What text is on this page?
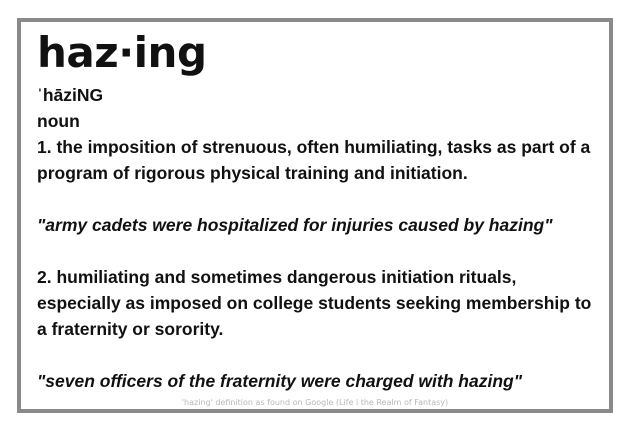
haz·ing
ˈhāziNG
noun
1. the imposition of strenuous, often humiliating, tasks as part of a program of rigorous physical training and initiation.
"army cadets were hospitalized for injuries caused by hazing"
2. humiliating and sometimes dangerous initiation rituals, especially as imposed on college students seeking membership to a fraternity or sorority.
"seven officers of the fraternity were charged with hazing"
'hazing' definition as found on Google (Life i the Realm of Fantasy)
